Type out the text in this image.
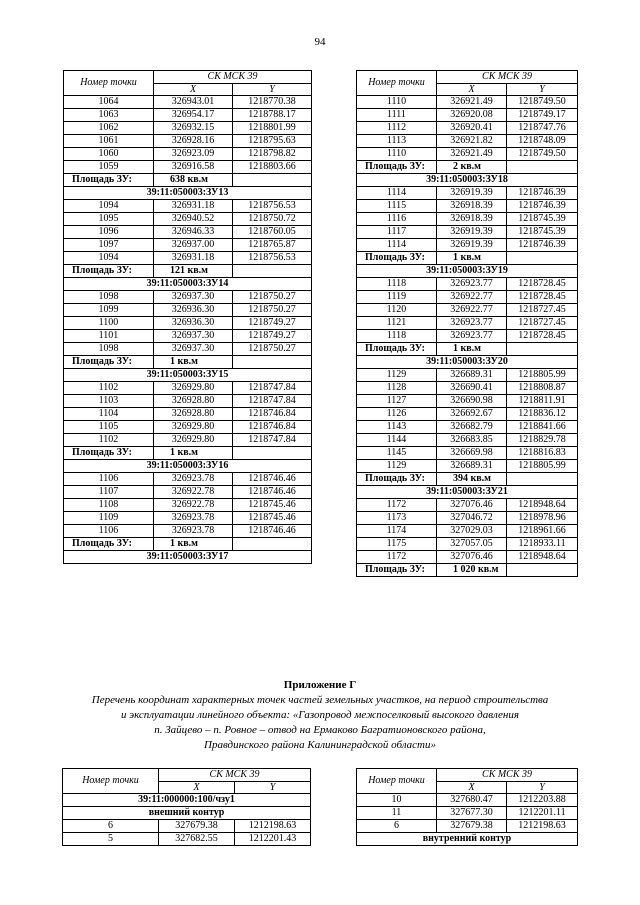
94
Номер точки	СК МСК 39	
	X	Y
1064	326943.01	1218770.38
1063	326954.17	1218788.17
1062	326932.15	1218801.99
1061	326928.16	1218795.63
1060	326923.09	1218798.82
1059	326916.58	1218803.66
Площадь ЗУ:	638 кв.м	
39:11:050003:ЗУ13		
1094	326931.18	1218756.53
1095	326940.52	1218750.72
1096	326946.33	1218760.05
1097	326937.00	1218765.87
1094	326931.18	1218756.53
Площадь ЗУ:	121 кв.м	
39:11:050003:ЗУ14		
1098	326937.30	1218750.27
1099	326936.30	1218750.27
1100	326936.30	1218749.27
1101	326937.30	1218749.27
1098	326937.30	1218750.27
Площадь ЗУ:	1 кв.м	
39:11:050003:ЗУ15		
1102	326929.80	1218747.84
1103	326928.80	1218747.84
1104	326928.80	1218746.84
1105	326929.80	1218746.84
1102	326929.80	1218747.84
Площадь ЗУ:	1 кв.м	
39:11:050003:ЗУ16		
1106	326923.78	1218746.46
1107	326922.78	1218746.46
1108	326922.78	1218745.46
1109	326923.78	1218745.46
1106	326923.78	1218746.46
Площадь ЗУ:	1 кв.м	
39:11:050003:ЗУ17		
Номер точки	СК МСК 39	
	X	Y
1110	326921.49	1218749.50
1111	326920.08	1218749.17
1112	326920.41	1218747.76
1113	326921.82	1218748.09
1110	326921.49	1218749.50
Площадь ЗУ:	2 кв.м	
39:11:050003:ЗУ18		
1114	326919.39	1218746.39
1115	326918.39	1218746.39
1116	326918.39	1218745.39
1117	326919.39	1218745.39
1114	326919.39	1218746.39
Площадь ЗУ:	1 кв.м	
39:11:050003:ЗУ19		
1118	326923.77	1218728.45
1119	326922.77	1218728.45
1120	326922.77	1218727.45
1121	326923.77	1218727.45
1118	326923.77	1218728.45
Площадь ЗУ:	1 кв.м	
39:11:050003:ЗУ20		
1129	326689.31	1218805.99
1128	326690.41	1218808.87
1127	326690.98	1218811.91
1126	326692.67	1218836.12
1143	326682.79	1218841.66
1144	326683.85	1218829.78
1145	326669.98	1218816.83
1129	326689.31	1218805.99
Площадь ЗУ:	394 кв.м	
39:11:050003:ЗУ21		
1172	327076.46	1218948.64
1173	327046.72	1218978.96
1174	327029.03	1218961.66
1175	327057.05	1218933.11
1172	327076.46	1218948.64
Площадь ЗУ:	1 020 кв.м	
Приложение Г
Перечень координат характерных точек частей земельных участков, на период строительства
и эксплуатации линейного объекта: «Газопровод межпоселковый высокого давления
п. Зайцево – п. Ровное – отвод на Ермаково Багратионовского района,
Правдинского района Калининградской области»
Номер точки	СК МСК 39	
	X	Y
39:11:000000:100/чзу1		
внешний контур		
6	327679.38	1212198.63
5	327682.55	1212201.43
Номер точки	СК МСК 39	
	X	Y
10	327680.47	1212203.88
11	327677.30	1212201.11
6	327679.38	1212198.63
внутренний контур		
